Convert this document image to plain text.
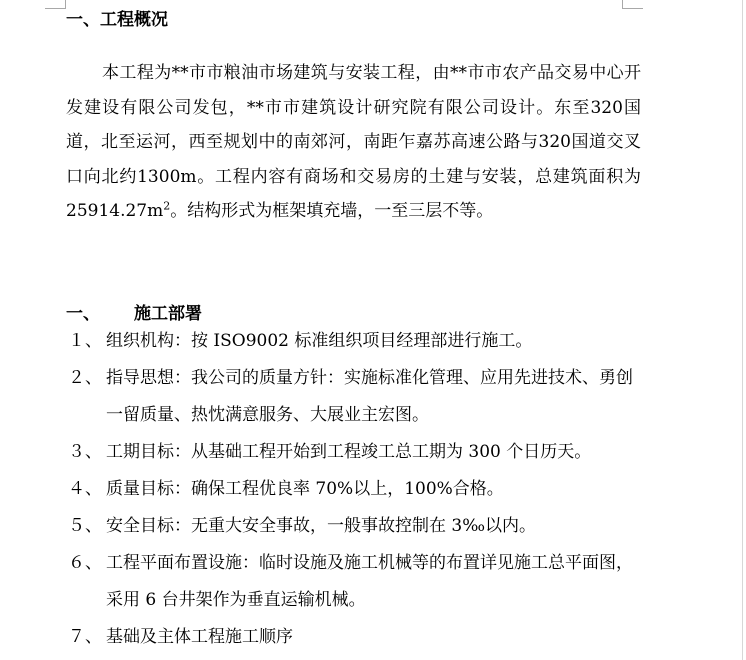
一、工程概况
本工程为**市市粮油市场建筑与安装工程，由**市市农产品交易中心开发建设有限公司发包，**市市建筑设计研究院有限公司设计。东至320国道，北至运河，西至规划中的南郊河，南距乍嘉苏高速公路与320国道交叉口向北约1300m。工程内容有商场和交易房的土建与安装，总建筑面积为$25914.27m^2$。结构形式为框架填充墙，一至三层不等。
一、 施工部署
１、 组织机构：按 ISO9002 标准组织项目经理部进行施工。
２、 指导思想：我公司的质量方针：实施标准化管理、应用先进技术、勇创一留质量、热忱满意服务、大展业主宏图。
３、 工期目标：从基础工程开始到工程竣工总工期为 300 个日历天。
４、 质量目标：确保工程优良率 70%以上，100%合格。
５、 安全目标：无重大安全事故，一般事故控制在 3‰以内。
６、 工程平面布置设施：临时设施及施工机械等的布置详见施工总平面图，采用 6 台井架作为垂直运输机械。
７、 基础及主体工程施工顺序
